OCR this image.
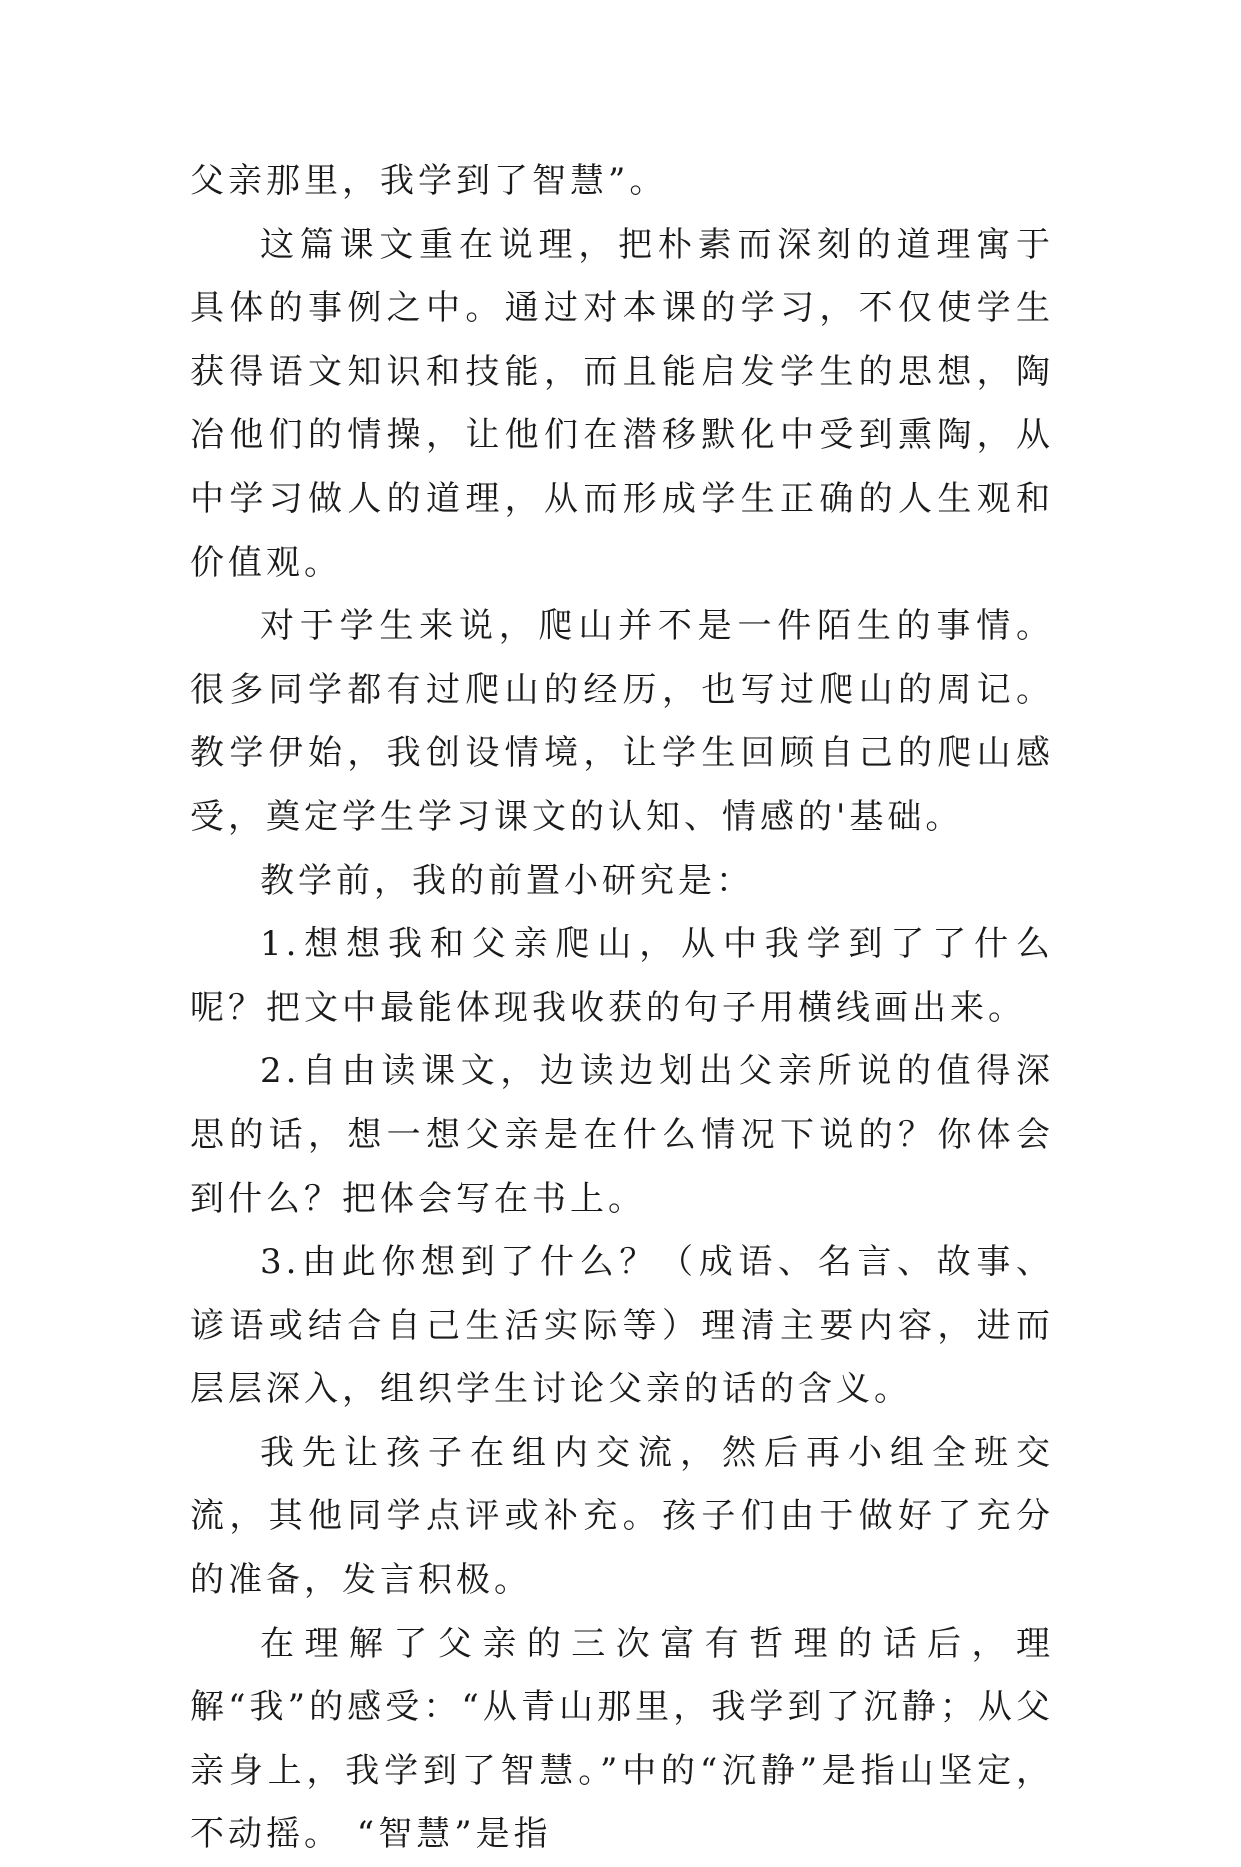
父亲那里，我学到了智慧”。

这篇课文重在说理，把朴素而深刻的道理寓于具体的事例之中。通过对本课的学习，不仅使学生获得语文知识和技能，而且能启发学生的思想，陶冶他们的情操，让他们在潜移默化中受到熏陶，从中学习做人的道理，从而形成学生正确的人生观和价值观。

对于学生来说，爬山并不是一件陌生的事情。很多同学都有过爬山的经历，也写过爬山的周记。教学伊始，我创设情境，让学生回顾自己的爬山感受，奠定学生学习课文的认知、情感的'基础。

教学前，我的前置小研究是：

1.想想我和父亲爬山，从中我学到了了什么呢？把文中最能体现我收获的句子用横线画出来。

2.自由读课文，边读边划出父亲所说的值得深思的话，想一想父亲是在什么情况下说的？你体会到什么？把体会写在书上。

3.由此你想到了什么？（成语、名言、故事、谚语或结合自己生活实际等）理清主要内容，进而层层深入，组织学生讨论父亲的话的含义。

我先让孩子在组内交流，然后再小组全班交流，其他同学点评或补充。孩子们由于做好了充分的准备，发言积极。

在理解了父亲的三次富有哲理的话后，理解“我”的感受：“从青山那里，我学到了沉静；从父亲身上，我学到了智慧。”中的“沉静”是指山坚定，不动摇。 “智慧”是指
